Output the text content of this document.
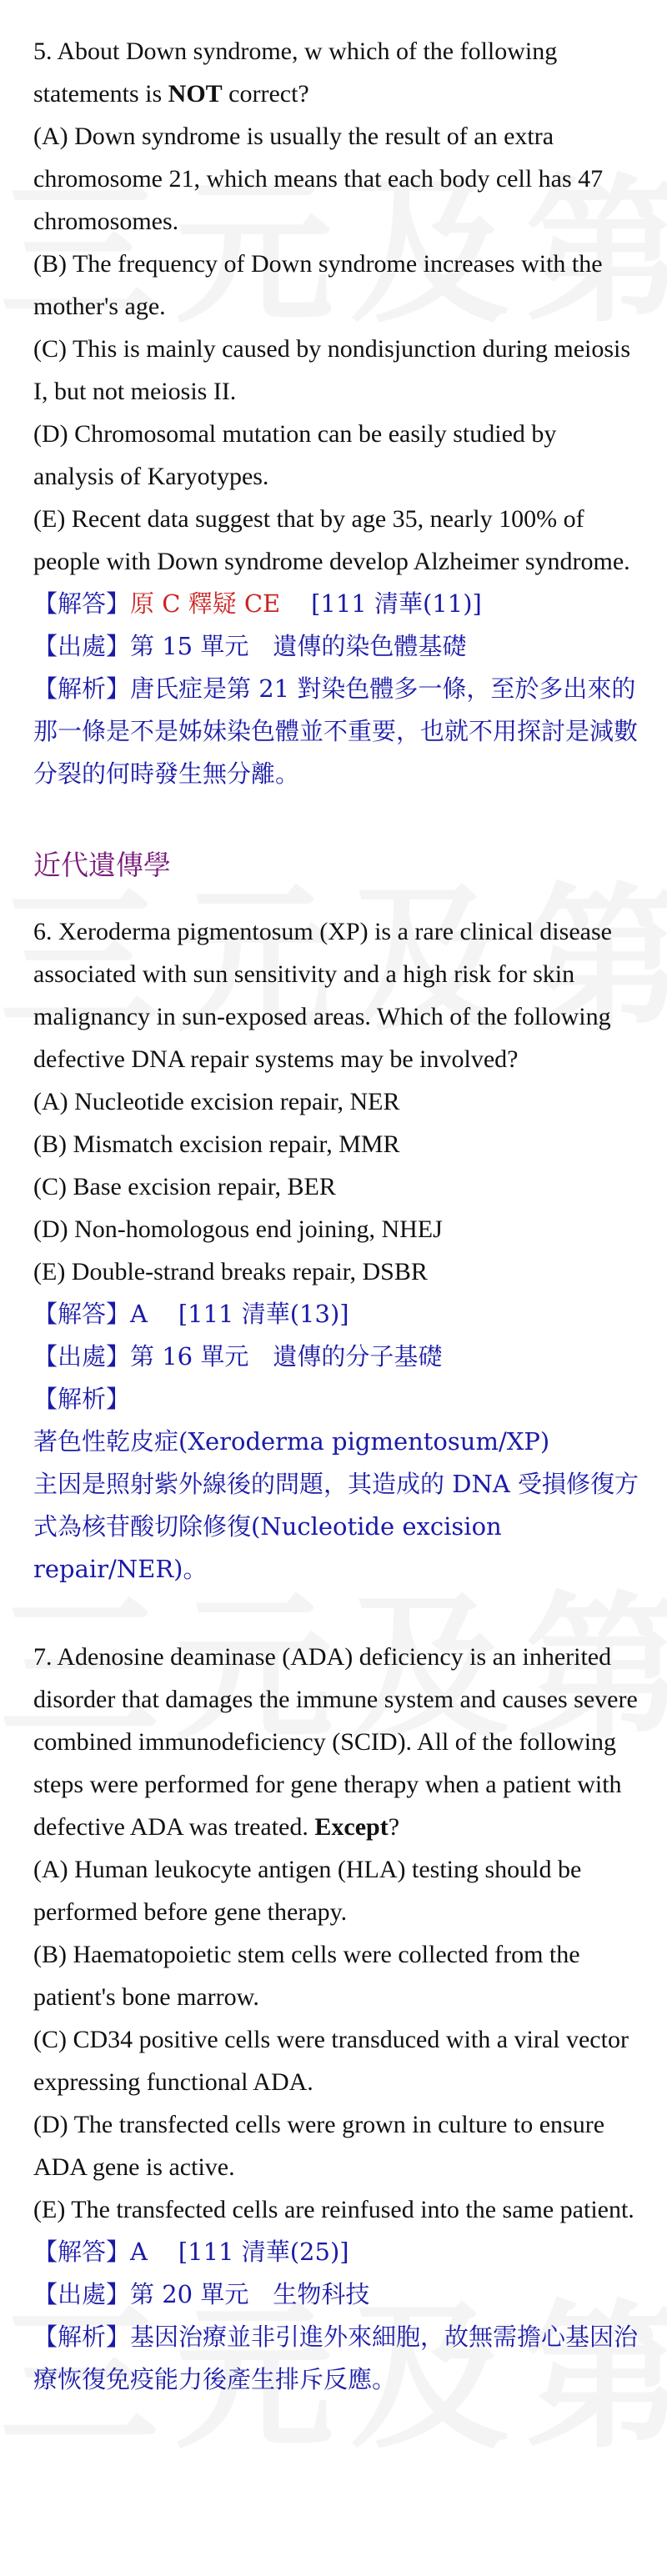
5. About Down syndrome, w which of the following statements is NOT correct?

(A) Down syndrome is usually the result of an extra chromosome 21, which means that each body cell has 47 chromosomes.

(B) The frequency of Down syndrome increases with the mother's age.

(C) This is mainly caused by nondisjunction during meiosis I, but not meiosis II.

(D) Chromosomal mutation can be easily studied by analysis of Karyotypes.

(E) Recent data suggest that by age 35, nearly 100% of people with Down syndrome develop Alzheimer syndrome.

【解答】原 C 釋疑 CE [111 清華(11)]

【出處】第 15 單元　遺傳的染色體基礎

【解析】唐氏症是第 21 對染色體多一條，至於多出來的那一條是不是姊妹染色體並不重要，也就不用探討是減數分裂的何時發生無分離。

近代遺傳學

6. Xeroderma pigmentosum (XP) is a rare clinical disease associated with sun sensitivity and a high risk for skin malignancy in sun-exposed areas. Which of the following defective DNA repair systems may be involved?

(A) Nucleotide excision repair, NER

(B) Mismatch excision repair, MMR

(C) Base excision repair, BER

(D) Non-homologous end joining, NHEJ

(E) Double-strand breaks repair, DSBR

【解答】A [111 清華(13)]

【出處】第 16 單元　遺傳的分子基礎

【解析】

著色性乾皮症(Xeroderma pigmentosum/XP)

主因是照射紫外線後的問題，其造成的 DNA 受損修復方式為核苷酸切除修復(Nucleotide excision repair/NER)。

7. Adenosine deaminase (ADA) deficiency is an inherited disorder that damages the immune system and causes severe combined immunodeficiency (SCID). All of the following steps were performed for gene therapy when a patient with defective ADA was treated. Except?

(A) Human leukocyte antigen (HLA) testing should be performed before gene therapy.

(B) Haematopoietic stem cells were collected from the patient's bone marrow.

(C) CD34 positive cells were transduced with a viral vector expressing functional ADA.

(D) The transfected cells were grown in culture to ensure ADA gene is active.

(E) The transfected cells are reinfused into the same patient.

【解答】A [111 清華(25)]

【出處】第 20 單元　生物科技

【解析】基因治療並非引進外來細胞，故無需擔心基因治療恢復免疫能力後產生排斥反應。
